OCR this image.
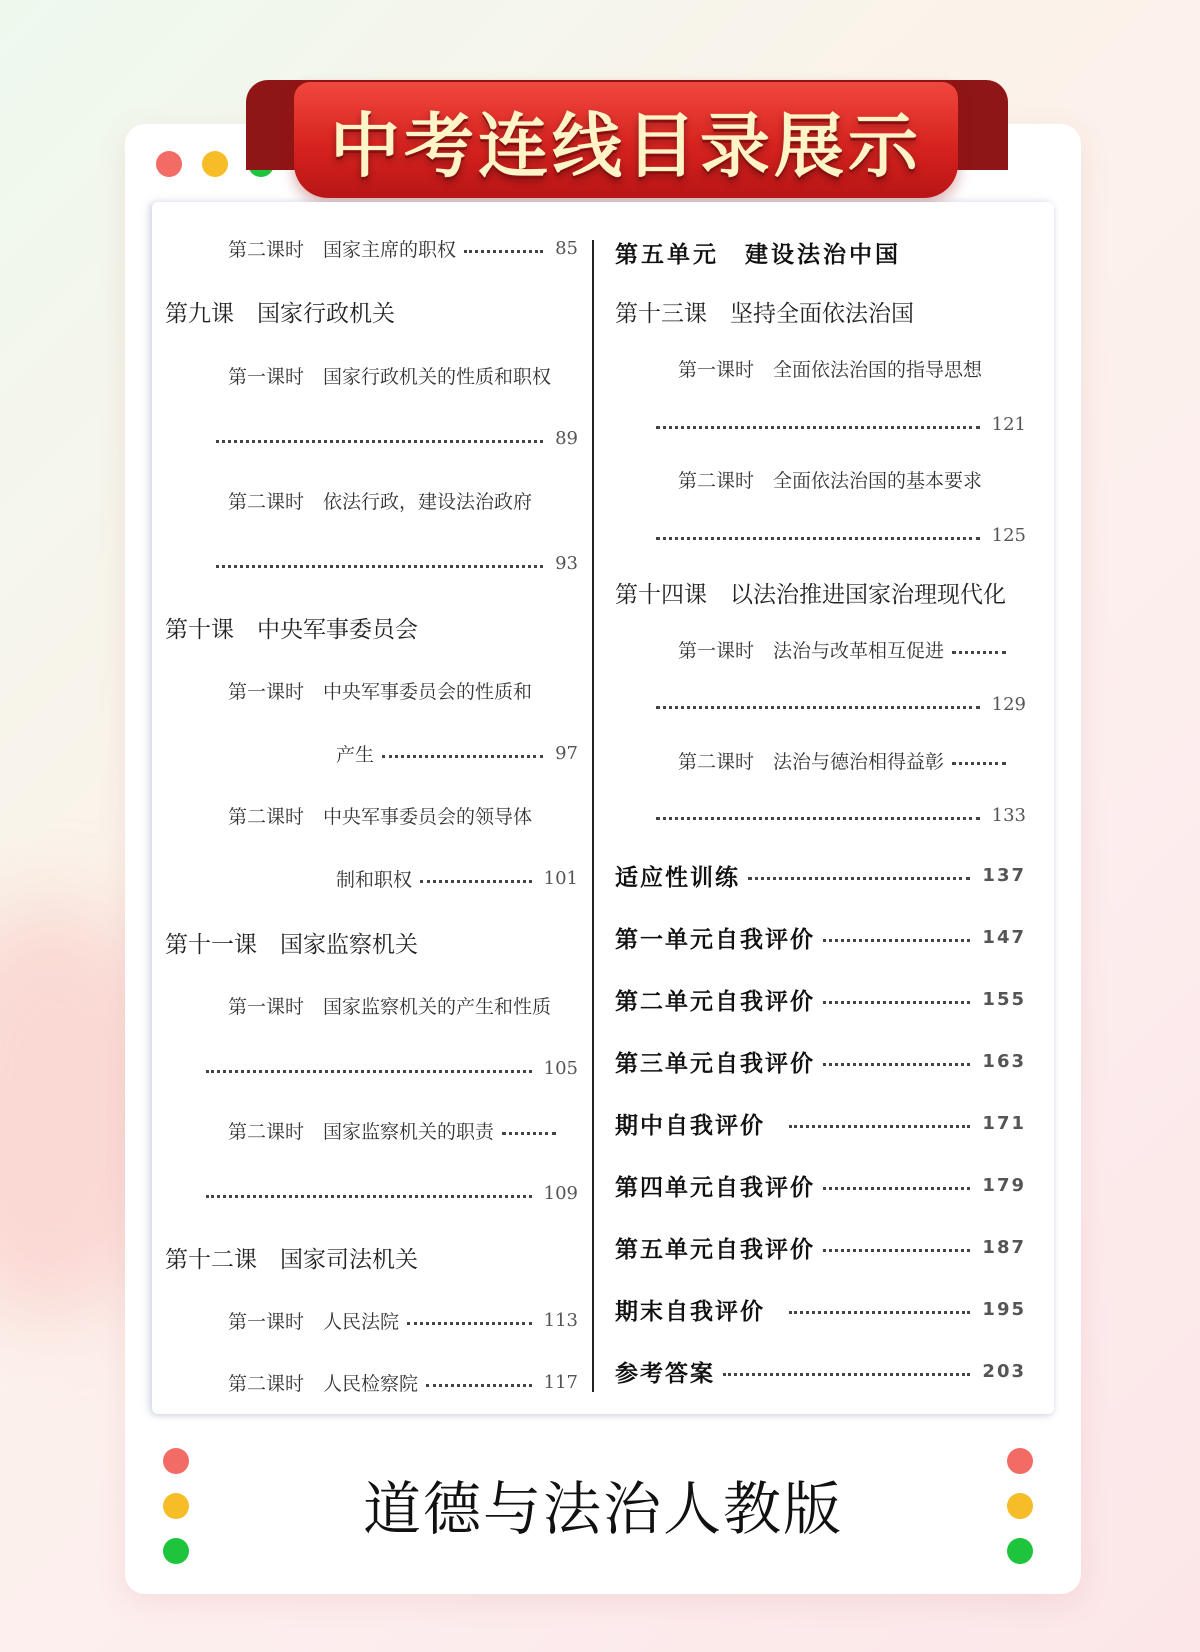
中考连线目录展示
第二课时　国家主席的职权	85
第九课　国家行政机关
第一课时　国家行政机关的性质和职权
89
第二课时　依法行政，建设法治政府
93
第十课　中央军事委员会
第一课时　中央军事委员会的性质和
产生	97
第二课时　中央军事委员会的领导体
制和职权	101
第十一课　国家监察机关
第一课时　国家监察机关的产生和性质
105
第二课时　国家监察机关的职责
109
第十二课　国家司法机关
第一课时　人民法院	113
第二课时　人民检察院	117
第五单元　建设法治中国
第十三课　坚持全面依法治国
第一课时　全面依法治国的指导思想
121
第二课时　全面依法治国的基本要求
125
第十四课　以法治推进国家治理现代化
第一课时　法治与改革相互促进
129
第二课时　法治与德治相得益彰
133
适应性训练	137
第一单元自我评价	147
第二单元自我评价	155
第三单元自我评价	163
期中自我评价	171
第四单元自我评价	179
第五单元自我评价	187
期末自我评价	195
参考答案	203
道德与法治人教版
